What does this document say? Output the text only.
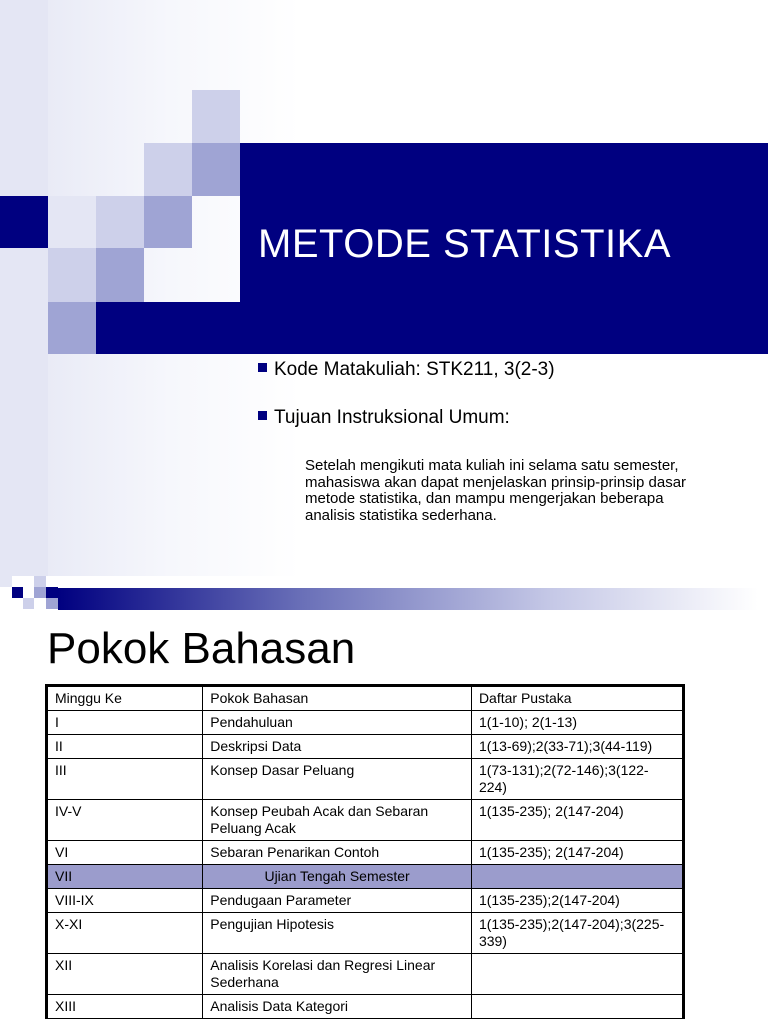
METODE STATISTIKA
Kode Matakuliah: STK211, 3(2-3)
Tujuan Instruksional Umum:
Setelah mengikuti mata kuliah ini selama satu semester,
mahasiswa akan dapat menjelaskan prinsip-prinsip dasar
metode statistika, dan mampu mengerjakan beberapa
analisis statistika sederhana.
Pokok Bahasan
Minggu Ke	Pokok Bahasan	Daftar Pustaka
I	Pendahuluan	1(1-10); 2(1-13)
II	Deskripsi Data	1(13-69);2(33-71);3(44-119)
III	Konsep Dasar Peluang	1(73-131);2(72-146);3(122-224)
IV-V	Konsep Peubah Acak dan Sebaran Peluang Acak	1(135-235); 2(147-204)
VI	Sebaran Penarikan Contoh	1(135-235); 2(147-204)
VII	Ujian Tengah Semester	
VIII-IX	Pendugaan Parameter	1(135-235);2(147-204)
X-XI	Pengujian Hipotesis	1(135-235);2(147-204);3(225-339)
XII	Analisis Korelasi dan Regresi Linear Sederhana	
XIII	Analisis Data Kategori	
